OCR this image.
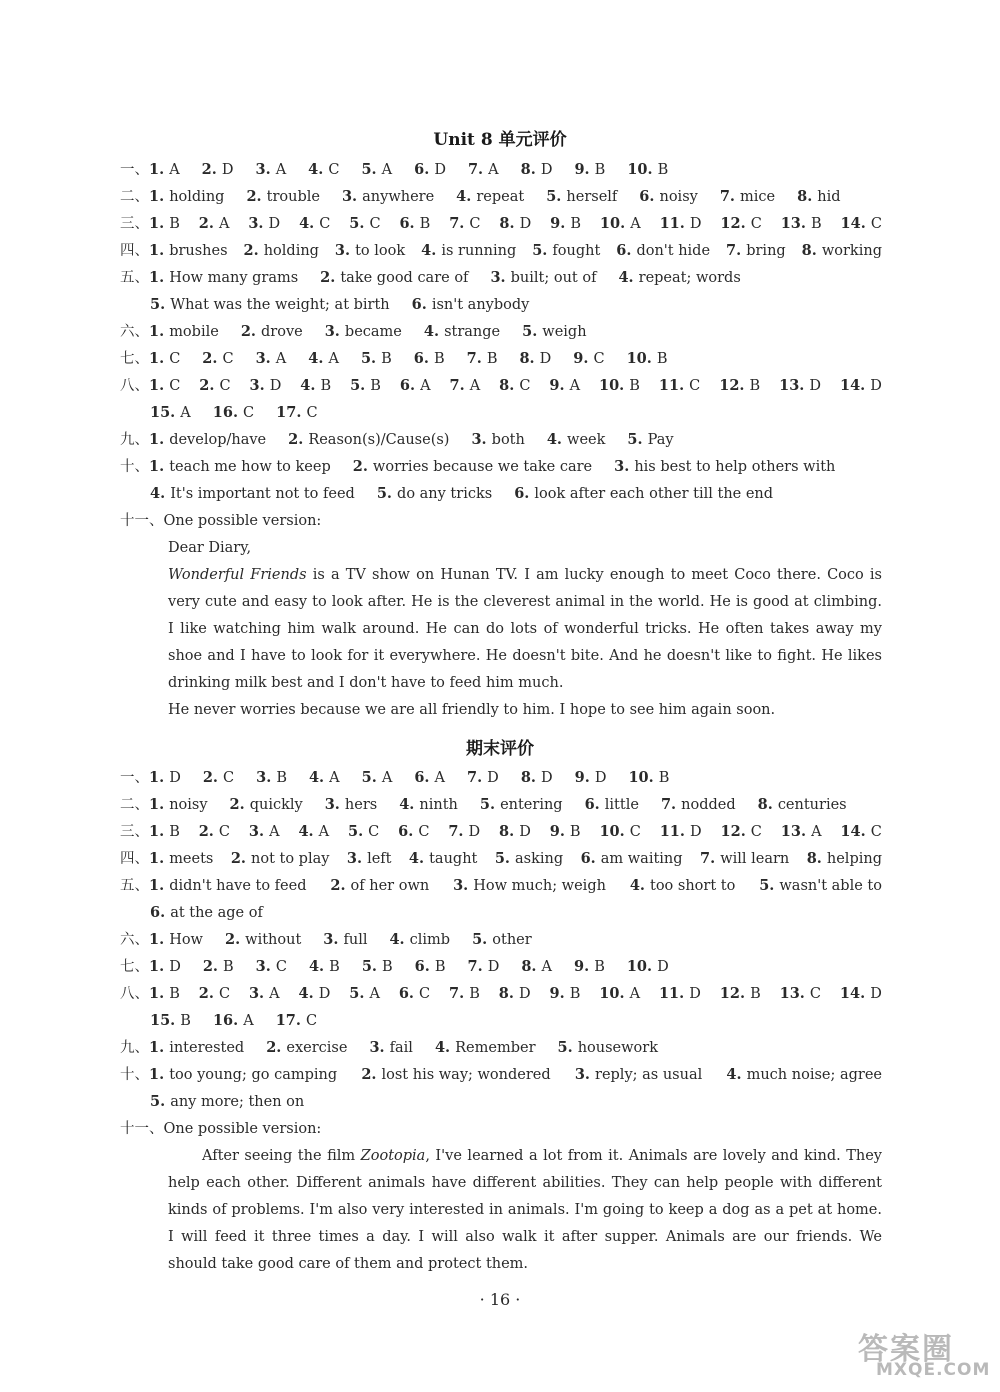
Unit 8 单元评价
一、1. A 2. D 3. A 4. C 5. A 6. D 7. A 8. D 9. B 10. B
二、1. holding 2. trouble 3. anywhere 4. repeat 5. herself 6. noisy 7. mice 8. hid
三、1. B 2. A 3. D 4. C 5. C 6. B 7. C 8. D 9. B 10. A 11. D 12. C 13. B 14. C
四、1. brushes 2. holding 3. to look 4. is running 5. fought 6. don't hide 7. bring 8. working
五、1. How many grams 2. take good care of 3. built; out of 4. repeat; words
5. What was the weight; at birth 6. isn't anybody
六、1. mobile 2. drove 3. became 4. strange 5. weigh
七、1. C 2. C 3. A 4. A 5. B 6. B 7. B 8. D 9. C 10. B
八、1. C 2. C 3. D 4. B 5. B 6. A 7. A 8. C 9. A 10. B 11. C 12. B 13. D 14. D
15. A 16. C 17. C
九、1. develop/have 2. Reason(s)/Cause(s) 3. both 4. week 5. Pay
十、1. teach me how to keep 2. worries because we take care 3. his best to help others with
4. It's important not to feed 5. do any tricks 6. look after each other till the end
十一、One possible version:
Dear Diary,
Wonderful Friends is a TV show on Hunan TV. I am lucky enough to meet Coco there. Coco is very cute and easy to look after. He is the cleverest animal in the world. He is good at climbing. I like watching him walk around. He can do lots of wonderful tricks. He often takes away my shoe and I have to look for it everywhere. He doesn't bite. And he doesn't like to fight. He likes drinking milk best and I don't have to feed him much.
He never worries because we are all friendly to him. I hope to see him again soon.
期末评价
一、1. D 2. C 3. B 4. A 5. A 6. A 7. D 8. D 9. D 10. B
二、1. noisy 2. quickly 3. hers 4. ninth 5. entering 6. little 7. nodded 8. centuries
三、1. B 2. C 3. A 4. A 5. C 6. C 7. D 8. D 9. B 10. C 11. D 12. C 13. A 14. C
四、1. meets 2. not to play 3. left 4. taught 5. asking 6. am waiting 7. will learn 8. helping
五、1. didn't have to feed 2. of her own 3. How much; weigh 4. too short to 5. wasn't able to
6. at the age of
六、1. How 2. without 3. full 4. climb 5. other
七、1. D 2. B 3. C 4. B 5. B 6. B 7. D 8. A 9. B 10. D
八、1. B 2. C 3. A 4. D 5. A 6. C 7. B 8. D 9. B 10. A 11. D 12. B 13. C 14. D
15. B 16. A 17. C
九、1. interested 2. exercise 3. fail 4. Remember 5. housework
十、1. too young; go camping 2. lost his way; wondered 3. reply; as usual 4. much noise; agree
5. any more; then on
十一、One possible version:
After seeing the film Zootopia, I've learned a lot from it. Animals are lovely and kind. They help each other. Different animals have different abilities. They can help people with different kinds of problems. I'm also very interested in animals. I'm going to keep a dog as a pet at home. I will feed it three times a day. I will also walk it after supper. Animals are our friends. We should take good care of them and protect them.
· 16 ·
答案圈
MXQE.COM
